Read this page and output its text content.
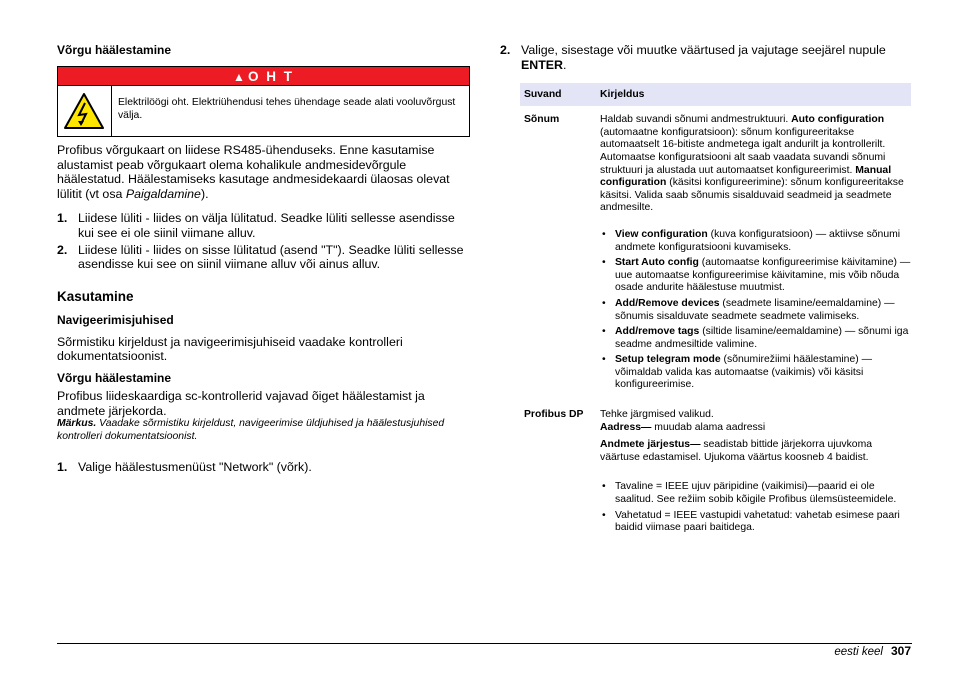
Võrgu häälestamine
▲ O H T
Elektrilöögi oht. Elektriühendusi tehes ühendage seade alati vooluvõrgust välja.

Profibus võrgukaart on liidese RS485-ühenduseks. Enne kasutamise alustamist peab võrgukaart olema kohalikule andmesidevõrgule häälestatud. Häälestamiseks kasutage andmesidekaardi ülaosas olevat lülitit (vt osa Paigaldamine).

1. Liidese lüliti - liides on välja lülitatud. Seadke lüliti sellesse asendisse kui see ei ole siinil viimane alluv.
2. Liidese lüliti - liides on sisse lülitatud (asend "T"). Seadke lüliti sellesse asendisse kui see on siinil viimane alluv või ainus alluv.
Kasutamine
Navigeerimisjuhised

Sõrmistiku kirjeldust ja navigeerimisjuhiseid vaadake kontrolleri dokumentatsioonist.

Võrgu häälestamine

Profibus liideskaardiga sc-kontrollerid vajavad õiget häälestamist ja andmete järjekorda.

Märkus. Vaadake sõrmistiku kirjeldust, navigeerimise üldjuhised ja häälestusjuhised kontrolleri dokumentatsioonist.

1. Valige häälestusmenüüst "Network" (võrk).
2. Valige, sisestage või muutke väärtused ja vajutage seejärel nupule ENTER.
Suvand	Kirjeldus
Sõnum	Haldab suvandi sõnumi andmestruktuuri. Auto configuration (automaatne konfiguratsioon): sõnum konfigureeritakse automaatselt 16-bitiste andmetega igalt andurilt ja kontrollerilt. Automaatse konfiguratsiooni alt saab vaadata suvandi sõnumi struktuuri ja alustada uut automaatset konfigureerimist. Manual configuration (käsitsi konfigureerimine): sõnum konfigureeritakse käsitsi. Valida saab sõnumis sisalduvaid seadmeid ja seadmete andmesilte.

• View configuration (kuva konfiguratsioon) — aktiivse sõnumi andmete konfiguratsiooni kuvamiseks.
• Start Auto config (automaatse konfigureerimise käivitamine) — uue automaatse konfigureerimise käivitamine, mis võib nõuda osade andurite häälestuse muutmist.
• Add/Remove devices (seadmete lisamine/eemaldamine) — sõnumis sisalduvate seadmete seadmete valimiseks.
• Add/remove tags (siltide lisamine/eemaldamine) — sõnumi iga seadme andmesiltide valimine.
• Setup telegram mode (sõnumirežiimi häälestamine) — võimaldab valida kas automaatse (vaikimis) või käsitsi konfigureerimise.
Profibus DP	Tehke järgmised valikud.

Aadress— muudab alama aadressi

Andmete järjestus— seadistab bittide järjekorra ujuvkoma väärtuse edastamisel. Ujukoma väärtus koosneb 4 baidist.

• Tavaline = IEEE ujuv päripidine (vaikimisi)—paarid ei ole saalitud. See režiim sobib kõigile Profibus ülemsüsteemidele.
• Vahetatud = IEEE vastupidi vahetatud: vahetab esimese paari baidid viimase paari baitidega.
eesti keel 307
